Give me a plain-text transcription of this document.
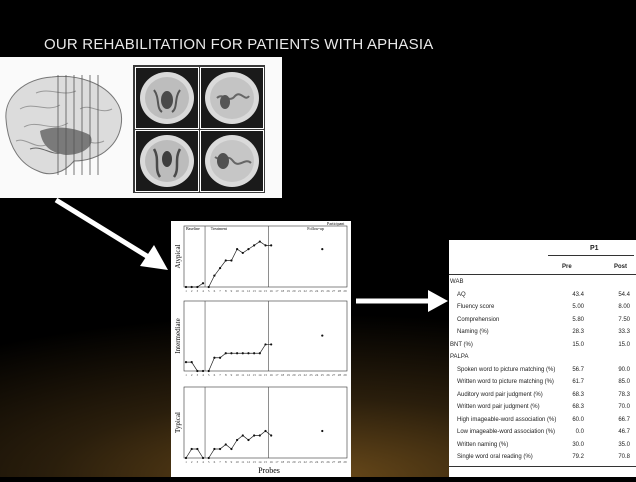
OUR REHABILITATION FOR PATIENTS WITH APHASIA
Baseline	Treatment	Follow-up
Participant
Atypical
1 2 3 4 5 6 7 8 9 10 11 12 13 14 15 16 17 18 19 20 21 22 23 24 25 26 27 28 29
Intermediate
1 2 3 4 5 6 7 8 9 10 11 12 13 14 15 16 17 18 19 20 21 22 23 24 25 26 27 28 29
Typical
1 2 3 4 5 6 7 8 9 10 11 12 13 14 15 16 17 18 19 20 21 22 23 24 25 26 27 28 29
Probes
P1
Pre	Post
WAB
AQ	43.4	54.4
Fluency score	5.00	8.00
Comprehension	5.80	7.50
Naming (%)	28.3	33.3
BNT (%)	15.0	15.0
PALPA
Spoken word to picture matching (%)	56.7	90.0
Written word to picture matching (%)	61.7	85.0
Auditory word pair judgment (%)	68.3	78.3
Written word pair judgment (%)	68.3	70.0
High imageable-word association (%)	60.0	66.7
Low imageable-word association (%)	0.0	46.7
Written naming (%)	30.0	35.0
Single word oral reading (%)	79.2	70.8
